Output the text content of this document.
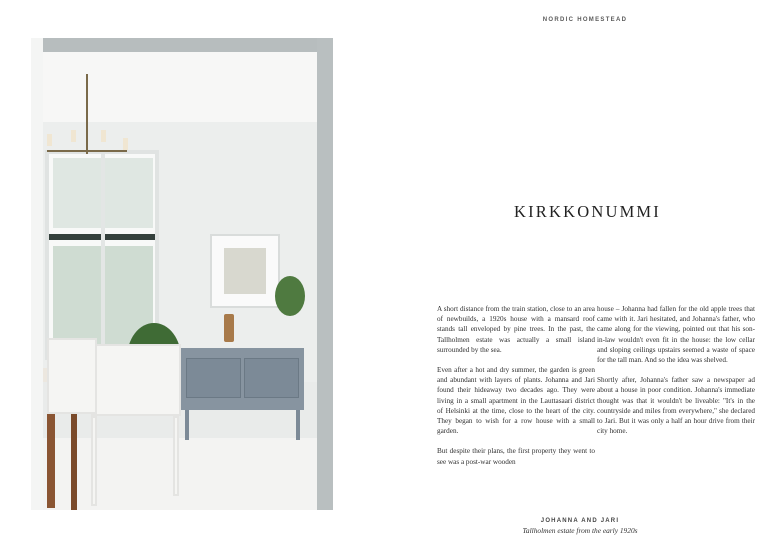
NORDIC HOMESTEAD
KIRKKONUMMI

A short distance from the train station, close to an area of newbuilds, a 1920s house with a mansard roof stands tall enveloped by pine trees. In the past, the Tallholmen estate was actually a small island surrounded by the sea.

Even after a hot and dry summer, the garden is green and abundant with layers of plants. Johanna and Jari found their hideaway two decades ago. They were living in a small apartment in the Lauttasaari district of Helsinki at the time, close to the heart of the city. They began to wish for a row house with a small garden.

But despite their plans, the first property they went to see was a post-war wooden

house – Johanna had fallen for the old apple trees that came with it. Jari hesitated, and Johanna's father, who came along for the viewing, pointed out that his son-in-law wouldn't even fit in the house: the low cellar and sloping ceilings upstairs seemed a waste of space for the tall man. And so the idea was shelved.

Shortly after, Johanna's father saw a newspaper ad about a house in poor condition. Johanna's immediate thought was that it wouldn't be liveable: "It's in the countryside and miles from everywhere," she declared to Jari. But it was only a half an hour drive from their city home.

JOHANNA AND JARI
Tallholmen estate from the early 1920s
